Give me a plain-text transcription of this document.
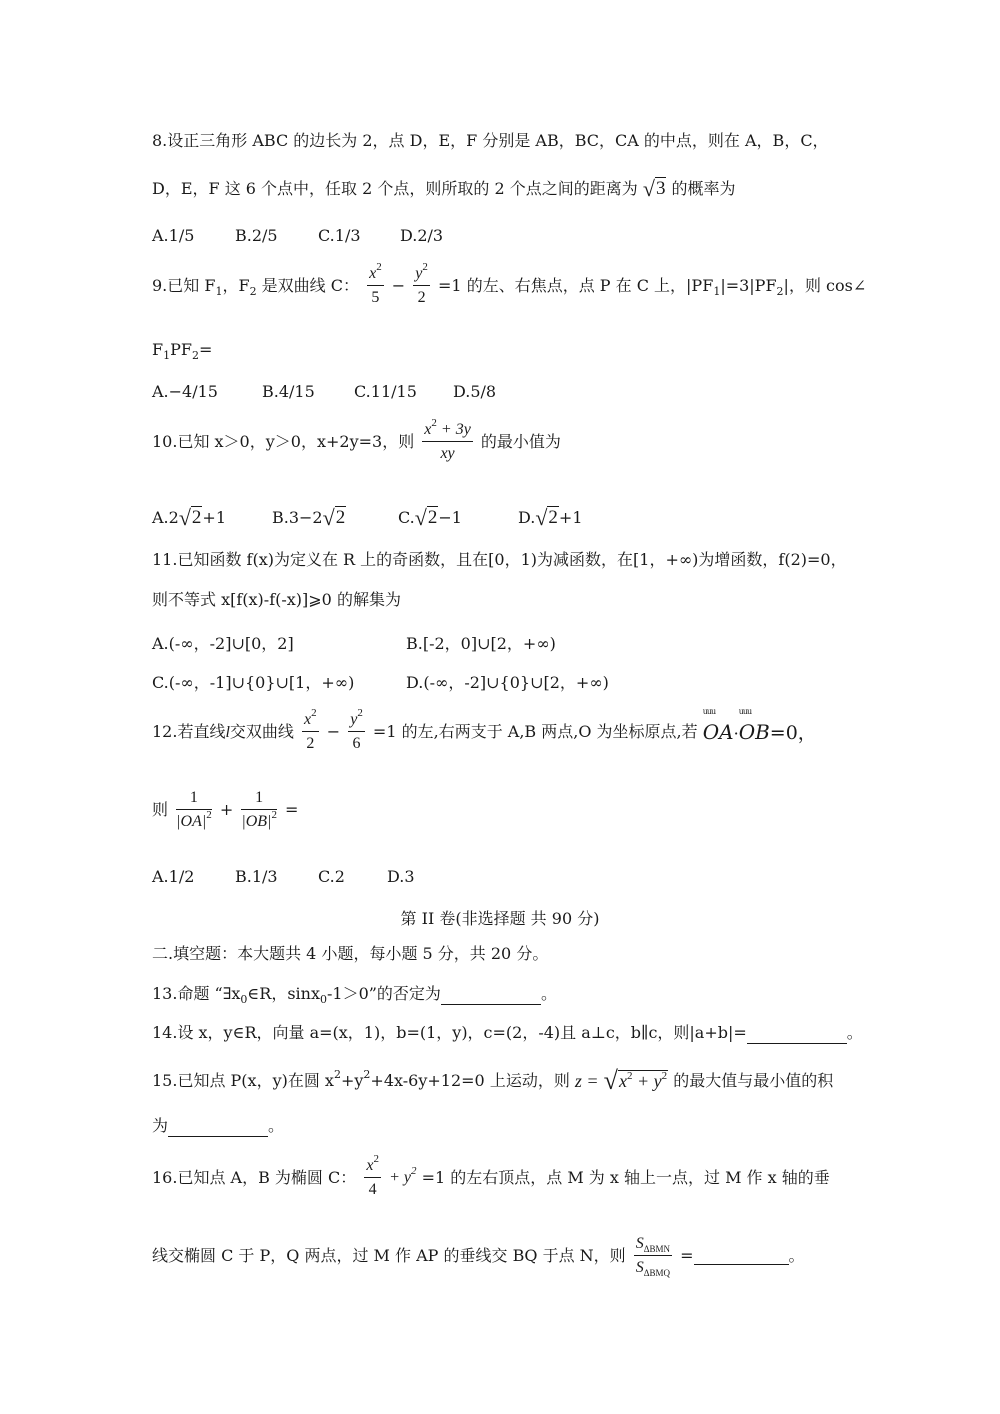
8.设正三角形 ABC 的边长为 2，点 D，E，F 分别是 AB，BC，CA 的中点，则在 A，B，C，
D，E，F 这 6 个点中，任取 2 个点，则所取的 2 个点之间的距离为 √3 的概率为
A.1/5	B.2/5	C.1/3 D.2/3
9.已知 $F_1$，$F_2$ 是双曲线 C： $\frac{x^2}{5} - \frac{y^2}{2} =1$ 的左、右焦点，点 P 在 C 上，$|PF_1|=3|PF_2|$，则 cos∠
$F_1PF_2=$
A.−4/15	B.4/15 C.11/15 D.5/8
10.已知 x＞0，y＞0，x+2y=3，则 $\frac{x^2 + 3y}{xy}$ 的最小值为
A.2√2+1	B.3−2√2	C.√2−1	D.√2+1
11.已知函数 f(x)为定义在 R 上的奇函数，且在[0，1)为减函数，在[1，+∞)为增函数，f(2)=0，
则不等式 x[f(x)-f(-x)]⩾0 的解集为
A.(-∞，-2]∪[0，2]	B.[-2，0]∪[2，+∞)
C.(-∞，-1]∪{0}∪[1，+∞)	D.(-∞，-2]∪{0}∪[2，+∞)
12.若直线l交双曲线 $\frac{x^2}{2} - \frac{y^2}{6} =1$ 的左,右两支于 A,B 两点,O 为坐标原点,若
uuu
OA·
uuu
OB=0，
则 $\frac{1}{|OA|^2} + \frac{1}{|OB|^2}$ =
A.1/2	B.1/3	C.2	D.3
第 II 卷(非选择题 共 90 分)
二.填空题：本大题共 4 小题，每小题 5 分，共 20 分。
13.命题 “$\exists x_0\in R$，sinx$_0$-1＞0”的否定为	。
14.设 x，y∈R，向量 a=(x，1)，b=(1，y)，c=(2，-4)且 a⊥c，b∥c，则|a+b|=	。
15.已知点 P(x，y)在圆 $x^2+y^2+4x-6y+12=0$ 上运动，则 $z = √x^2 + y^2$ 的最大值与最小值的积
为	。
16.已知点 A，B 为椭圆 C： $\frac{x^2}{4} + y^2 =1$ 的左右顶点，点 M 为 x 轴上一点，过 M 作 x 轴的垂
线交椭圆 C 于 P，Q 两点，过 M 作 AP 的垂线交 BQ 于点 N，则 $\frac{S_{\Delta BMN}}{S_{\Delta BMQ}}$ =	。
